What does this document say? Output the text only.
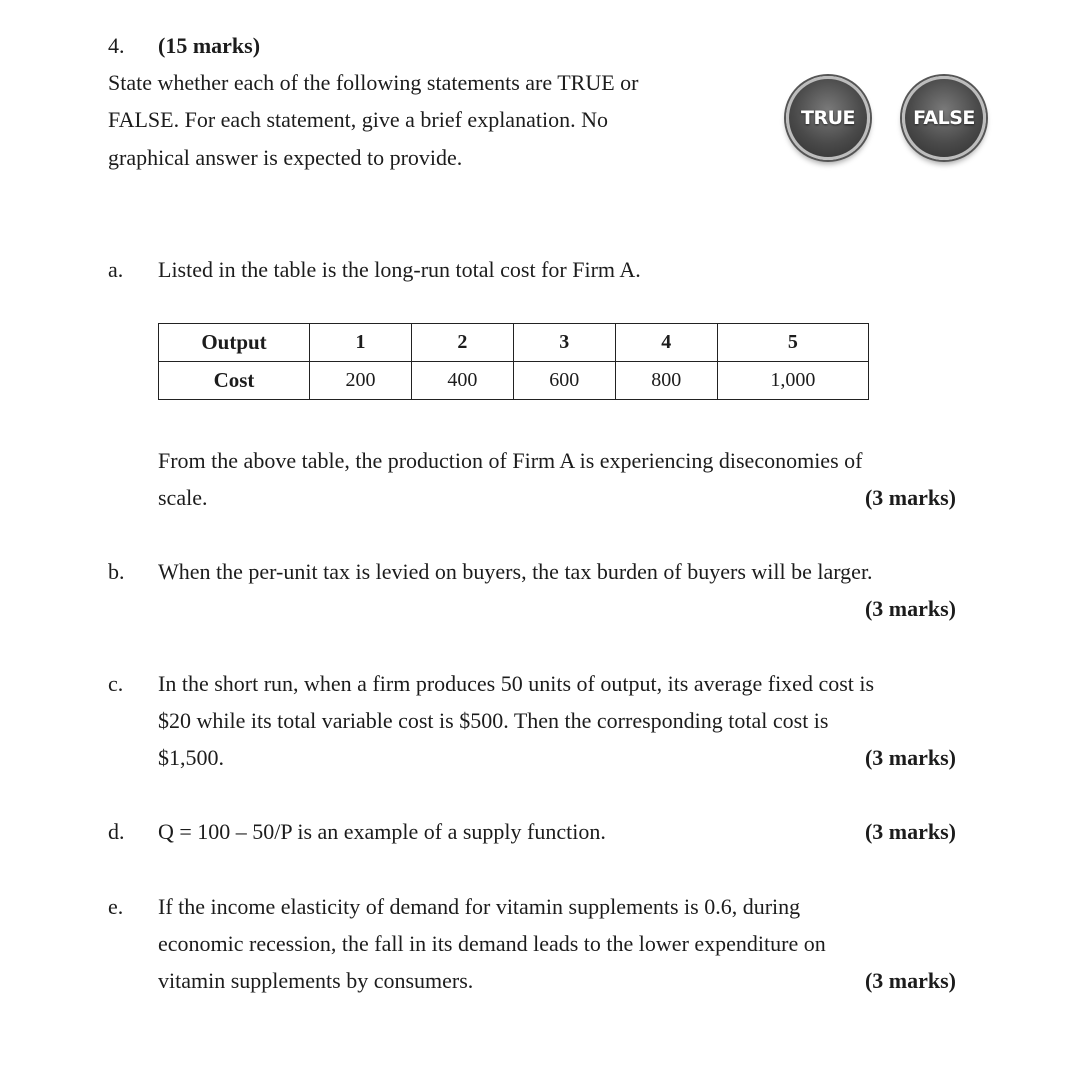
4. (15 marks)
State whether each of the following statements are TRUE or
FALSE. For each statement, give a brief explanation. No
graphical answer is expected to provide.
TRUE	FALSE
a. Listed in the table is the long-run total cost for Firm A.
Output	1	2	3	4	5
Cost	200	400	600	800	1,000
From the above table, the production of Firm A is experiencing diseconomies of
scale.	(3 marks)
b. When the per-unit tax is levied on buyers, the tax burden of buyers will be larger.
(3 marks)
c. In the short run, when a firm produces 50 units of output, its average fixed cost is
$20 while its total variable cost is $500. Then the corresponding total cost is
$1,500.	(3 marks)
d. Q = 100 – 50/P is an example of a supply function.	(3 marks)
e. If the income elasticity of demand for vitamin supplements is 0.6, during
economic recession, the fall in its demand leads to the lower expenditure on
vitamin supplements by consumers.	(3 marks)
